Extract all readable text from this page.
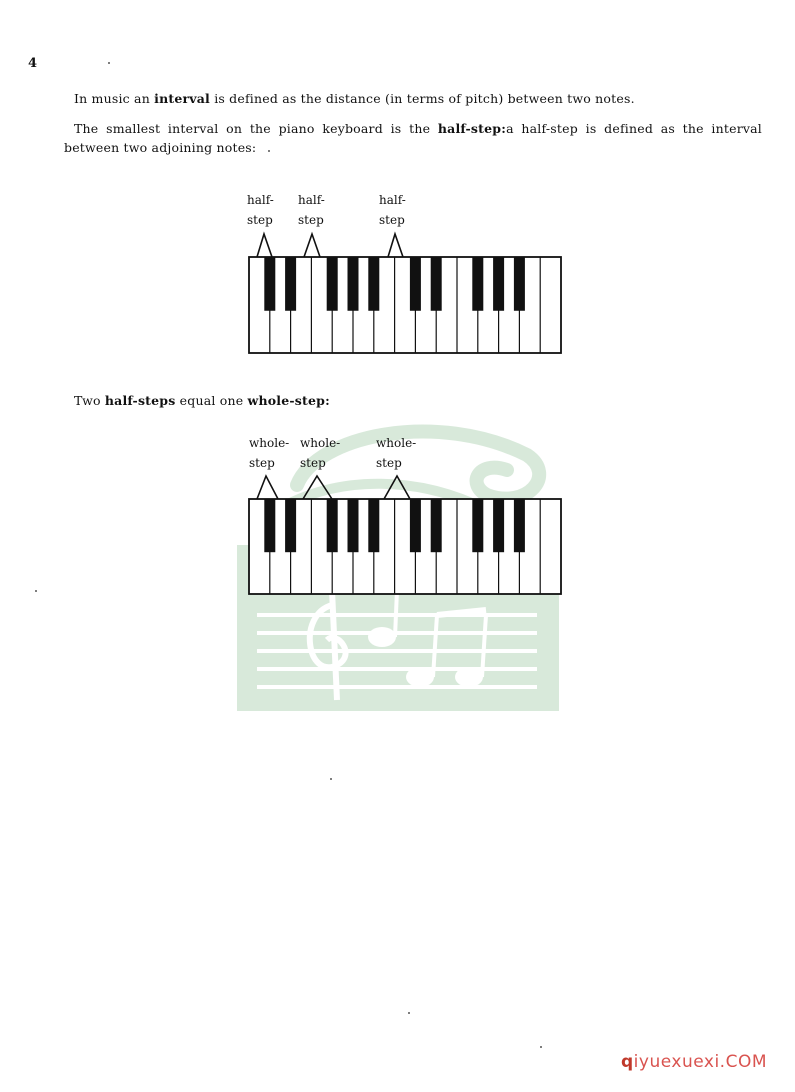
4
In music an interval is defined as the distance (in terms of pitch) between two notes.
The smallest interval on the piano keyboard is the half-step:a half-step is defined as the interval
between two adjoining notes:
Two half-steps equal one whole-step:
half-
step
half-
step
half-
step
whole-
step
whole-
step
whole-
step
qiyuexuexi.COM
